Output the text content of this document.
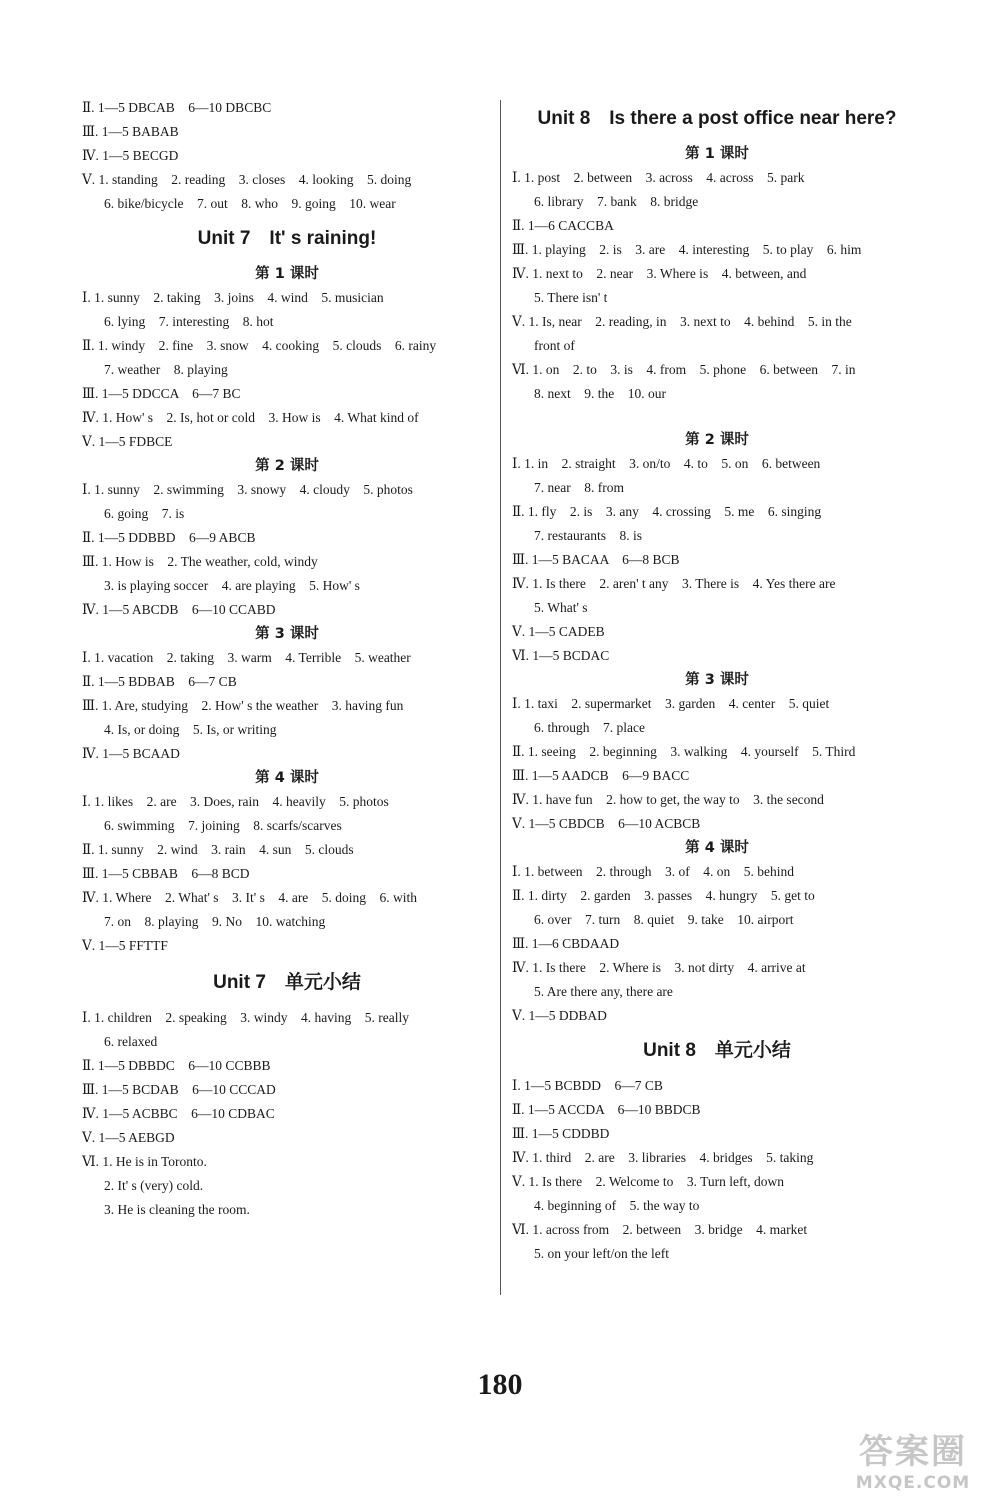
Ⅱ. 1—5 DBCAB　6—10 DBCBC
Ⅲ. 1—5 BABAB
Ⅳ. 1—5 BECGD
Ⅴ. 1. standing　2. reading　3. closes　4. looking　5. doing
6. bike/bicycle　7. out　8. who　9. going　10. wear
Unit 7　It' s raining!
第 1 课时
Ⅰ. 1. sunny　2. taking　3. joins　4. wind　5. musician
6. lying　7. interesting　8. hot
Ⅱ. 1. windy　2. fine　3. snow　4. cooking　5. clouds　6. rainy
7. weather　8. playing
Ⅲ. 1—5 DDCCA　6—7 BC
Ⅳ. 1. How' s　2. Is, hot or cold　3. How is　4. What kind of
Ⅴ. 1—5 FDBCE
第 2 课时
Ⅰ. 1. sunny　2. swimming　3. snowy　4. cloudy　5. photos
6. going　7. is
Ⅱ. 1—5 DDBBD　6—9 ABCB
Ⅲ. 1. How is　2. The weather, cold, windy
3. is playing soccer　4. are playing　5. How' s
Ⅳ. 1—5 ABCDB　6—10 CCABD
第 3 课时
Ⅰ. 1. vacation　2. taking　3. warm　4. Terrible　5. weather
Ⅱ. 1—5 BDBAB　6—7 CB
Ⅲ. 1. Are, studying　2. How' s the weather　3. having fun
4. Is, or doing　5. Is, or writing
Ⅳ. 1—5 BCAAD
第 4 课时
Ⅰ. 1. likes　2. are　3. Does, rain　4. heavily　5. photos
6. swimming　7. joining　8. scarfs/scarves
Ⅱ. 1. sunny　2. wind　3. rain　4. sun　5. clouds
Ⅲ. 1—5 CBBAB　6—8 BCD
Ⅳ. 1. Where　2. What' s　3. It' s　4. are　5. doing　6. with
7. on　8. playing　9. No　10. watching
Ⅴ. 1—5 FFTTF
Unit 7　单元小结
Ⅰ. 1. children　2. speaking　3. windy　4. having　5. really
6. relaxed
Ⅱ. 1—5 DBBDC　6—10 CCBBB
Ⅲ. 1—5 BCDAB　6—10 CCCAD
Ⅳ. 1—5 ACBBC　6—10 CDBAC
Ⅴ. 1—5 AEBGD
Ⅵ. 1. He is in Toronto.
2. It' s (very) cold.
3. He is cleaning the room.
Unit 8　Is there a post office near here?
第 1 课时
Ⅰ. 1. post　2. between　3. across　4. across　5. park
6. library　7. bank　8. bridge
Ⅱ. 1—6 CACCBA
Ⅲ. 1. playing　2. is　3. are　4. interesting　5. to play　6. him
Ⅳ. 1. next to　2. near　3. Where is　4. between, and
5. There isn' t
Ⅴ. 1. Is, near　2. reading, in　3. next to　4. behind　5. in the
front of
Ⅵ. 1. on　2. to　3. is　4. from　5. phone　6. between　7. in
8. next　9. the　10. our
第 2 课时
Ⅰ. 1. in　2. straight　3. on/to　4. to　5. on　6. between
7. near　8. from
Ⅱ. 1. fly　2. is　3. any　4. crossing　5. me　6. singing
7. restaurants　8. is
Ⅲ. 1—5 BACAA　6—8 BCB
Ⅳ. 1. Is there　2. aren' t any　3. There is　4. Yes there are
5. What' s
Ⅴ. 1—5 CADEB
Ⅵ. 1—5 BCDAC
第 3 课时
Ⅰ. 1. taxi　2. supermarket　3. garden　4. center　5. quiet
6. through　7. place
Ⅱ. 1. seeing　2. beginning　3. walking　4. yourself　5. Third
Ⅲ. 1—5 AADCB　6—9 BACC
Ⅳ. 1. have fun　2. how to get, the way to　3. the second
Ⅴ. 1—5 CBDCB　6—10 ACBCB
第 4 课时
Ⅰ. 1. between　2. through　3. of　4. on　5. behind
Ⅱ. 1. dirty　2. garden　3. passes　4. hungry　5. get to
6. over　7. turn　8. quiet　9. take　10. airport
Ⅲ. 1—6 CBDAAD
Ⅳ. 1. Is there　2. Where is　3. not dirty　4. arrive at
5. Are there any, there are
Ⅴ. 1—5 DDBAD
Unit 8　单元小结
Ⅰ. 1—5 BCBDD　6—7 CB
Ⅱ. 1—5 ACCDA　6—10 BBDCB
Ⅲ. 1—5 CDDBD
Ⅳ. 1. third　2. are　3. libraries　4. bridges　5. taking
Ⅴ. 1. Is there　2. Welcome to　3. Turn left, down
4. beginning of　5. the way to
Ⅵ. 1. across from　2. between　3. bridge　4. market
5. on your left/on the left
180
答案圈
MXQE.COM
